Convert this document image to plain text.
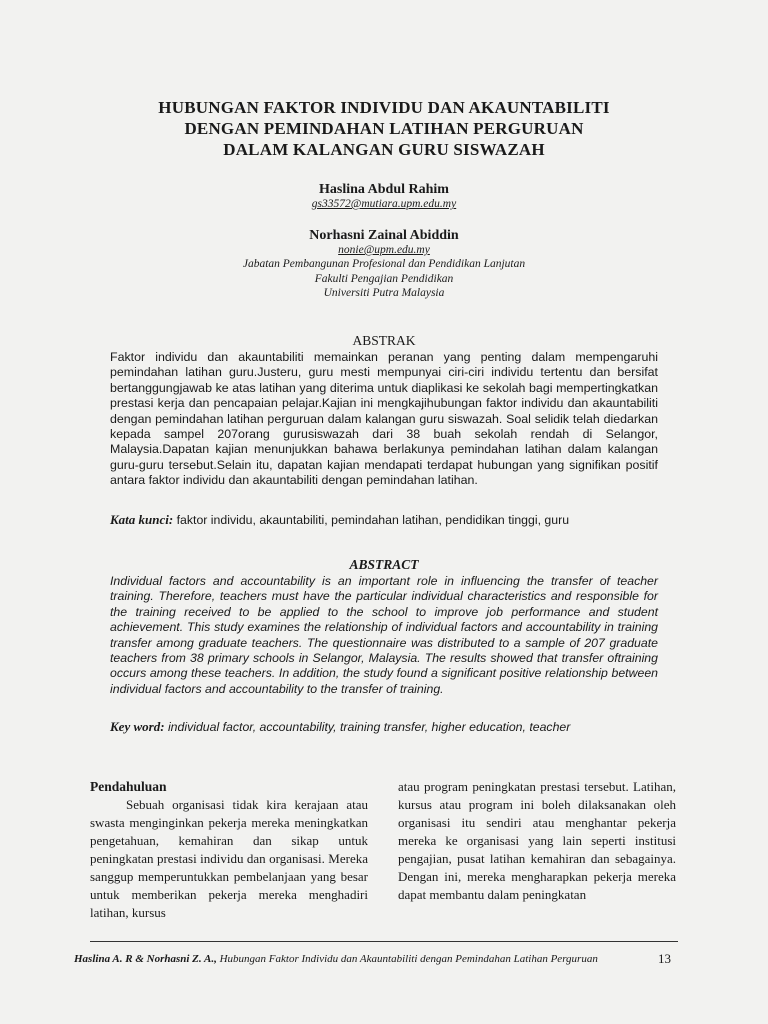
HUBUNGAN FAKTOR INDIVIDU DAN AKAUNTABILITI
DENGAN PEMINDAHAN LATIHAN PERGURUAN
DALAM KALANGAN GURU SISWAZAH
Haslina Abdul Rahim
gs33572@mutiara.upm.edu.my
Norhasni Zainal Abiddin
nonie@upm.edu.my
Jabatan Pembangunan Profesional dan Pendidikan Lanjutan
Fakulti Pengajian Pendidikan
Universiti Putra Malaysia
ABSTRAK
Faktor individu dan akauntabiliti memainkan peranan yang penting dalam mempengaruhi pemindahan latihan guru.Justeru, guru mesti mempunyai ciri-ciri individu tertentu dan bersifat bertanggungjawab ke atas latihan yang diterima untuk diaplikasi ke sekolah bagi mempertingkatkan prestasi kerja dan pencapaian pelajar.Kajian ini mengkajihubungan faktor individu dan akauntabiliti dengan pemindahan latihan perguruan dalam kalangan guru siswazah. Soal selidik telah diedarkan kepada sampel 207orang gurusiswazah dari 38 buah sekolah rendah di Selangor, Malaysia.Dapatan kajian menunjukkan bahawa berlakunya pemindahan latihan dalam kalangan guru-guru tersebut.Selain itu, dapatan kajian mendapati terdapat hubungan yang signifikan positif antara faktor individu dan akauntabiliti dengan pemindahan latihan.
Kata kunci: faktor individu, akauntabiliti, pemindahan latihan, pendidikan tinggi, guru
ABSTRACT
Individual factors and accountability is an important role in influencing the transfer of teacher training. Therefore, teachers must have the particular individual characteristics and responsible for the training received to be applied to the school to improve job performance and student achievement. This study examines the relationship of individual factors and accountability in training transfer among graduate teachers. The questionnaire was distributed to a sample of 207 graduate teachers from 38 primary schools in Selangor, Malaysia. The results showed that transfer oftraining occurs among these teachers. In addition, the study found a significant positive relationship between individual factors and accountability to the transfer of training.
Key word: individual factor, accountability, training transfer, higher education, teacher
Pendahuluan
Sebuah organisasi tidak kira kerajaan atau swasta menginginkan pekerja mereka meningkatkan pengetahuan, kemahiran dan sikap untuk peningkatan prestasi individu dan organisasi. Mereka sanggup memperuntukkan pembelanjaan yang besar untuk memberikan pekerja mereka menghadiri latihan, kursus
atau program peningkatan prestasi tersebut. Latihan, kursus atau program ini boleh dilaksanakan oleh organisasi itu sendiri atau menghantar pekerja mereka ke organisasi yang lain seperti institusi pengajian, pusat latihan kemahiran dan sebagainya. Dengan ini, mereka mengharapkan pekerja mereka dapat membantu dalam peningkatan
Haslina A. R & Norhasni Z. A., Hubungan Faktor Individu dan Akauntabiliti dengan Pemindahan Latihan Perguruan	13
